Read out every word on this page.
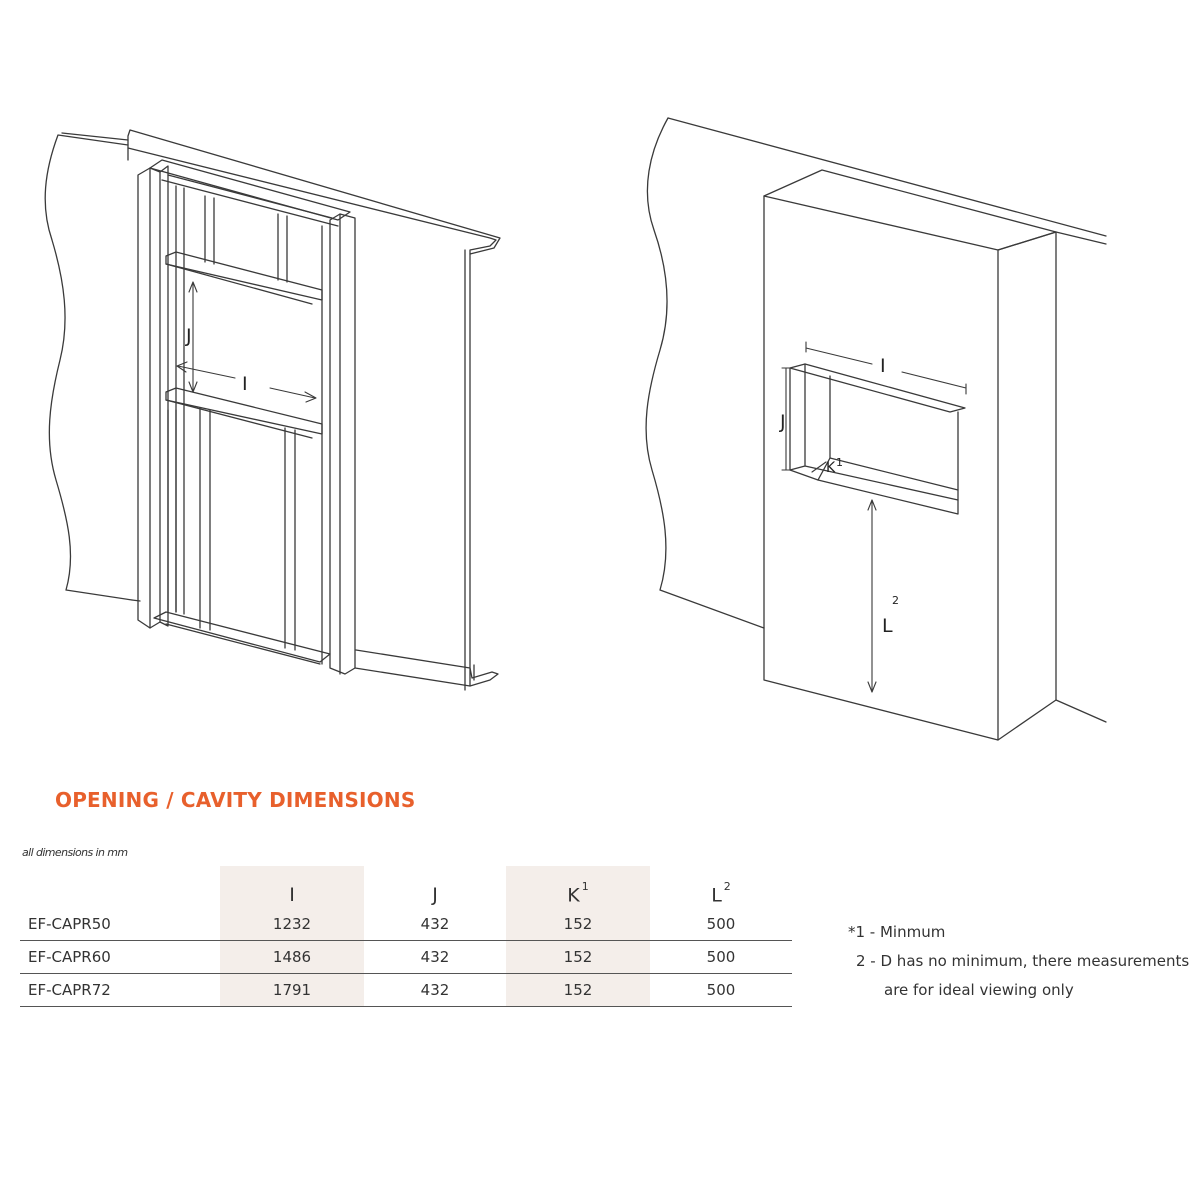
J
I
I
J
K 1
L
2
OPENING / CAVITY DIMENSIONS
all dimensions in mm
	I	J	K $^1$	L $^2$
EF-CAPR50	1232	432	152	500
EF-CAPR60	1486	432	152	500
EF-CAPR72	1791	432	152	500
*1 - Minmum
2 - D has no minimum, there measurements
are for ideal viewing only
